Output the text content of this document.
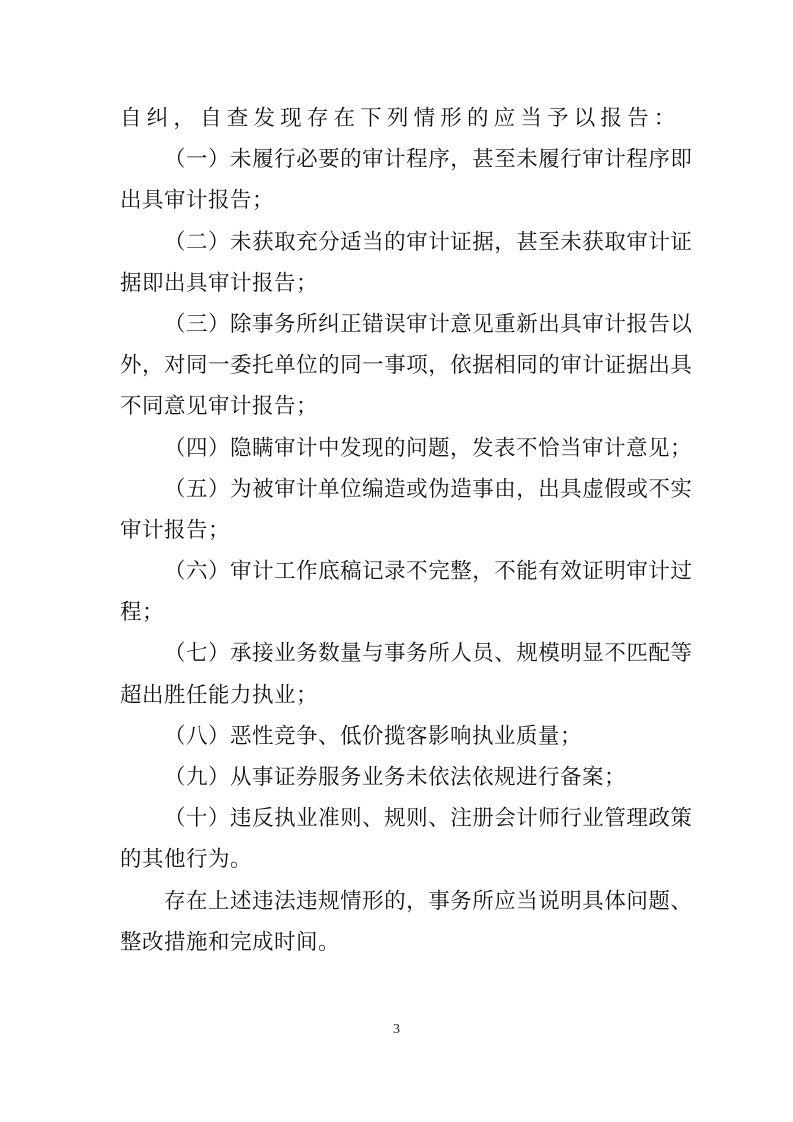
自 纠 ， 自 查 发 现 存 在 下 列 情 形 的 应 当 予 以 报 告 ：
（ 一 ） 未 履 行 必 要 的 审 计 程 序 ， 甚 至 未 履 行 审 计 程 序 即
出具审计报告；
（ 二 ） 未 获 取 充 分 适 当 的 审 计 证 据 ， 甚 至 未 获 取 审 计 证
据即出具审计报告；
（ 三 ） 除 事 务 所 纠 正 错 误 审 计 意 见 重 新 出 具 审 计 报 告 以
外 ， 对 同 一 委 托 单 位 的 同 一 事 项 ， 依 据 相 同 的 审 计 证 据 出 具
不同意见审计报告；
（四）隐瞒审计中发现的问题，发表不恰当审计意见；
（ 五 ） 为 被 审 计 单 位 编 造 或 伪 造 事 由 ， 出 具 虚 假 或 不 实
审计报告；
（ 六 ） 审 计 工 作 底 稿 记 录 不 完 整 ， 不 能 有 效 证 明 审 计 过
程；
（ 七 ） 承 接 业 务 数 量 与 事 务 所 人 员 、 规 模 明 显 不 匹 配 等
超出胜任能力执业；
（八）恶性竞争、低价揽客影响执业质量；
（九）从事证券服务业务未依法依规进行备案；
（ 十 ） 违 反 执 业 准 则 、 规 则 、 注 册 会 计 师 行 业 管 理 政 策
的其他行为。
存 在 上 述 违 法 违 规 情 形 的 ， 事 务 所 应 当 说 明 具 体 问 题 、
整改措施和完成时间。
3
